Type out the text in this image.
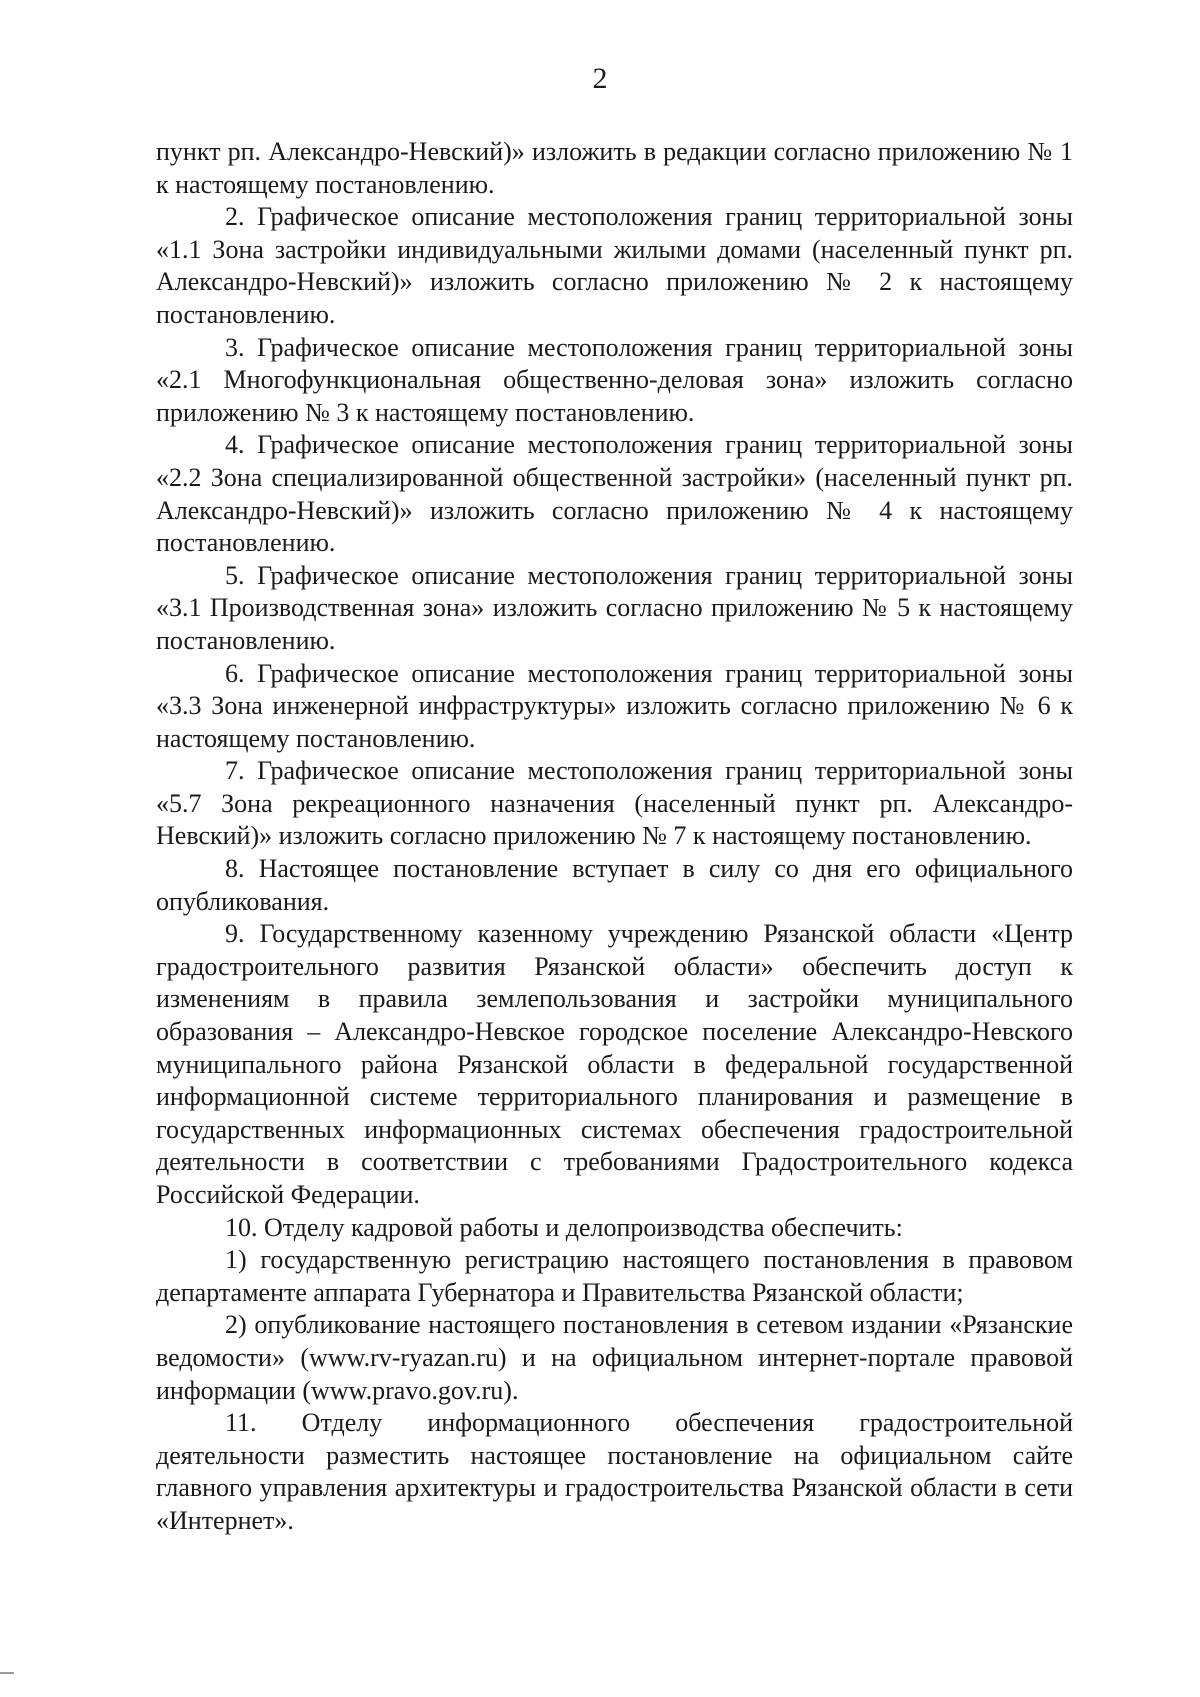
2

пункт рп. Александро-Невский)» изложить в редакции согласно приложению № 1 к настоящему постановлению.

2. Графическое описание местоположения границ территориальной зоны «1.1 Зона застройки индивидуальными жилыми домами (населенный пункт рп. Александро-Невский)» изложить согласно приложению № 2 к настоящему постановлению.

3. Графическое описание местоположения границ территориальной зоны «2.1 Многофункциональная общественно-деловая зона» изложить согласно приложению № 3 к настоящему постановлению.

4. Графическое описание местоположения границ территориальной зоны «2.2 Зона специализированной общественной застройки» (населенный пункт рп. Александро-Невский)» изложить согласно приложению № 4 к настоящему постановлению.

5. Графическое описание местоположения границ территориальной зоны «3.1 Производственная зона» изложить согласно приложению № 5 к настоящему постановлению.

6. Графическое описание местоположения границ территориальной зоны «3.3 Зона инженерной инфраструктуры» изложить согласно приложению № 6 к настоящему постановлению.

7. Графическое описание местоположения границ территориальной зоны «5.7 Зона рекреационного назначения (населенный пункт рп. Александро-Невский)» изложить согласно приложению № 7 к настоящему постановлению.

8. Настоящее постановление вступает в силу со дня его официального опубликования.

9. Государственному казенному учреждению Рязанской области «Центр градостроительного развития Рязанской области» обеспечить доступ к изменениям в правила землепользования и застройки муниципального образования – Александро-Невское городское поселение Александро-Невского муниципального района Рязанской области в федеральной государственной информационной системе территориального планирования и размещение в государственных информационных системах обеспечения градостроительной деятельности в соответствии с требованиями Градостроительного кодекса Российской Федерации.

10. Отделу кадровой работы и делопроизводства обеспечить:

1) государственную регистрацию настоящего постановления в правовом департаменте аппарата Губернатора и Правительства Рязанской области;

2) опубликование настоящего постановления в сетевом издании «Рязанские ведомости» (www.rv-ryazan.ru) и на официальном интернет-портале правовой информации (www.pravo.gov.ru).

11. Отделу информационного обеспечения градостроительной деятельности разместить настоящее постановление на официальном сайте главного управления архитектуры и градостроительства Рязанской области в сети «Интернет».
